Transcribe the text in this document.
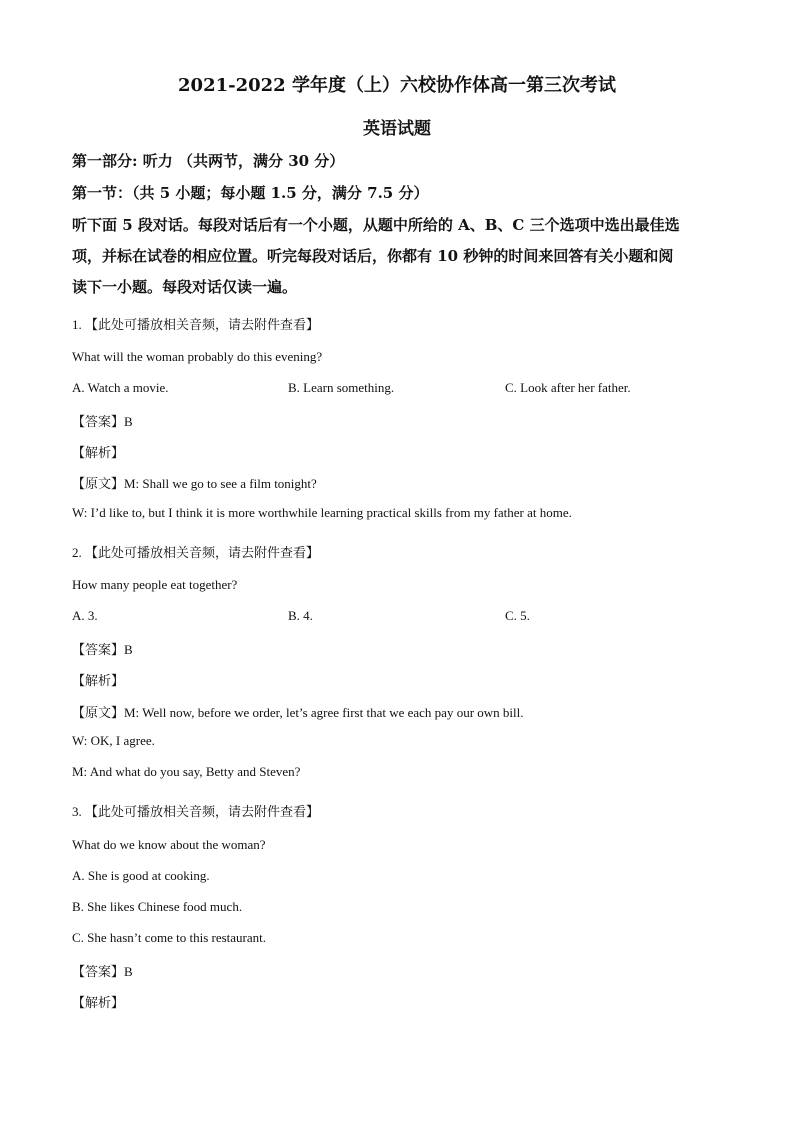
2021-2022 学年度（上）六校协作体高一第三次考试
英语试题
第一部分: 听力 （共两节，满分 30 分）
第一节：（共 5 小题；每小题 1.5 分，满分 7.5 分）
听下面 5 段对话。每段对话后有一个小题，从题中所给的 A、B、C 三个选项中选出最佳选
项，并标在试卷的相应位置。听完每段对话后，你都有 10 秒钟的时间来回答有关小题和阅
读下一小题。每段对话仅读一遍。
1. 【此处可播放相关音频，请去附件查看】
What will the woman probably do this evening?
A. Watch a movie.	B. Learn something.	C. Look after her father.
【答案】B
【解析】
【原文】M: Shall we go to see a film tonight?
W: I’d like to, but I think it is more worthwhile learning practical skills from my father at home.
2. 【此处可播放相关音频，请去附件查看】
How many people eat together?
A. 3.	B. 4.	C. 5.
【答案】B
【解析】
【原文】M: Well now, before we order, let’s agree first that we each pay our own bill.
W: OK, I agree.
M: And what do you say, Betty and Steven?
3. 【此处可播放相关音频，请去附件查看】
What do we know about the woman?
A. She is good at cooking.
B. She likes Chinese food much.
C. She hasn’t come to this restaurant.
【答案】B
【解析】
